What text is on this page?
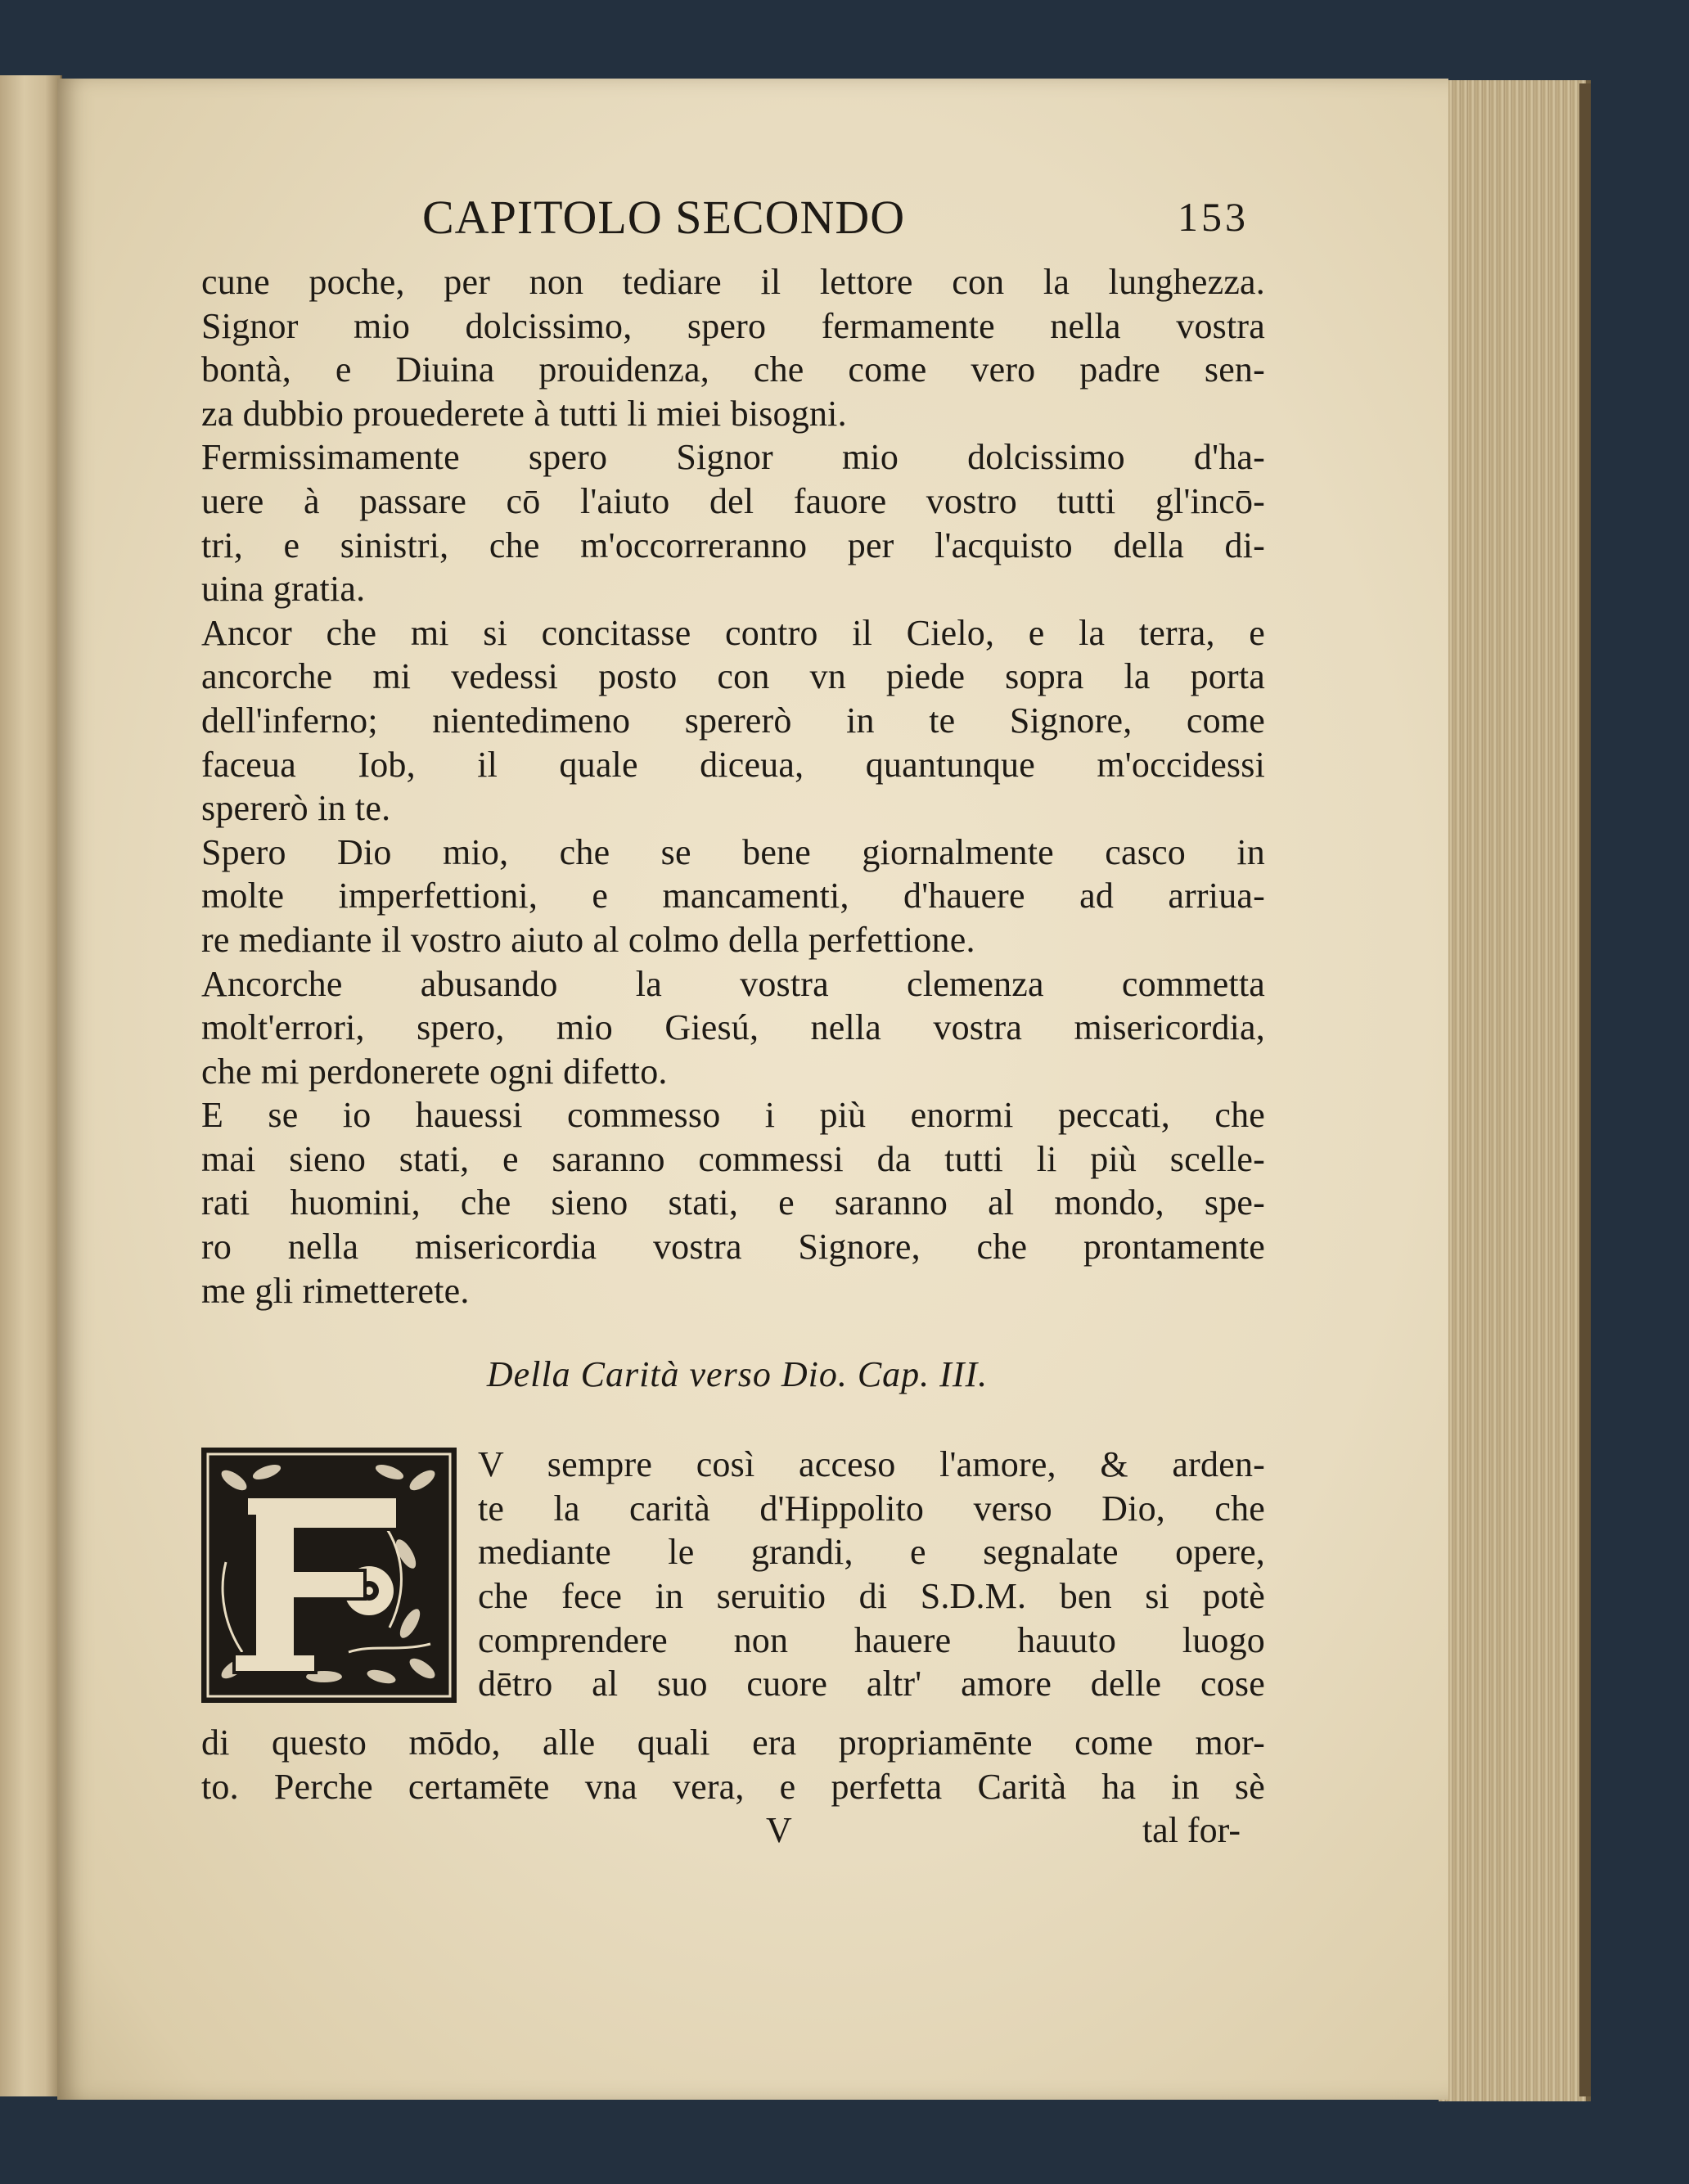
CAPITOLO SECONDO	153
cune poche, per non tediare il lettore con la lunghezza.
Signor mio dolcissimo, spero fermamente nella vostra
bontà, e Diuina prouidenza, che come vero padre sen-
za dubbio prouederete à tutti li miei bisogni.
Fermissimamente spero Signor mio dolcissimo d'ha-
uere à passare cō l'aiuto del fauore vostro tutti gl'incō-
tri, e sinistri, che m'occorreranno per l'acquisto della di-
uina gratia.
Ancor che mi si concitasse contro il Cielo, e la terra, e
ancorche mi vedessi posto con vn piede sopra la porta
dell'inferno; nientedimeno spererò in te Signore, come
faceua Iob, il quale diceua, quantunque m'occidessi
spererò in te.
Spero Dio mio, che se bene giornalmente casco in
molte imperfettioni, e mancamenti, d'hauere ad arriua-
re mediante il vostro aiuto al colmo della perfettione.
Ancorche abusando la vostra clemenza commetta
molt'errori, spero, mio Giesú, nella vostra misericordia,
che mi perdonerete ogni difetto.
E se io hauessi commesso i più enormi peccati, che
mai sieno stati, e saranno commessi da tutti li più scelle-
rati huomini, che sieno stati, e saranno al mondo, spe-
ro nella misericordia vostra Signore, che prontamente
me gli rimetterete.
Della Carità verso Dio. Cap. III.
V sempre così acceso l'amore, & arden-
te la carità d'Hippolito verso Dio, che
mediante le grandi, e segnalate opere,
che fece in seruitio di S.D.M. ben si potè
comprendere non hauere hauuto luogo
dētro al suo cuore altr' amore delle cose
di questo mōdo, alle quali era propriamēnte come mor-
to. Perche certamēte vna vera, e perfetta Carità ha in sè
V	tal for-
